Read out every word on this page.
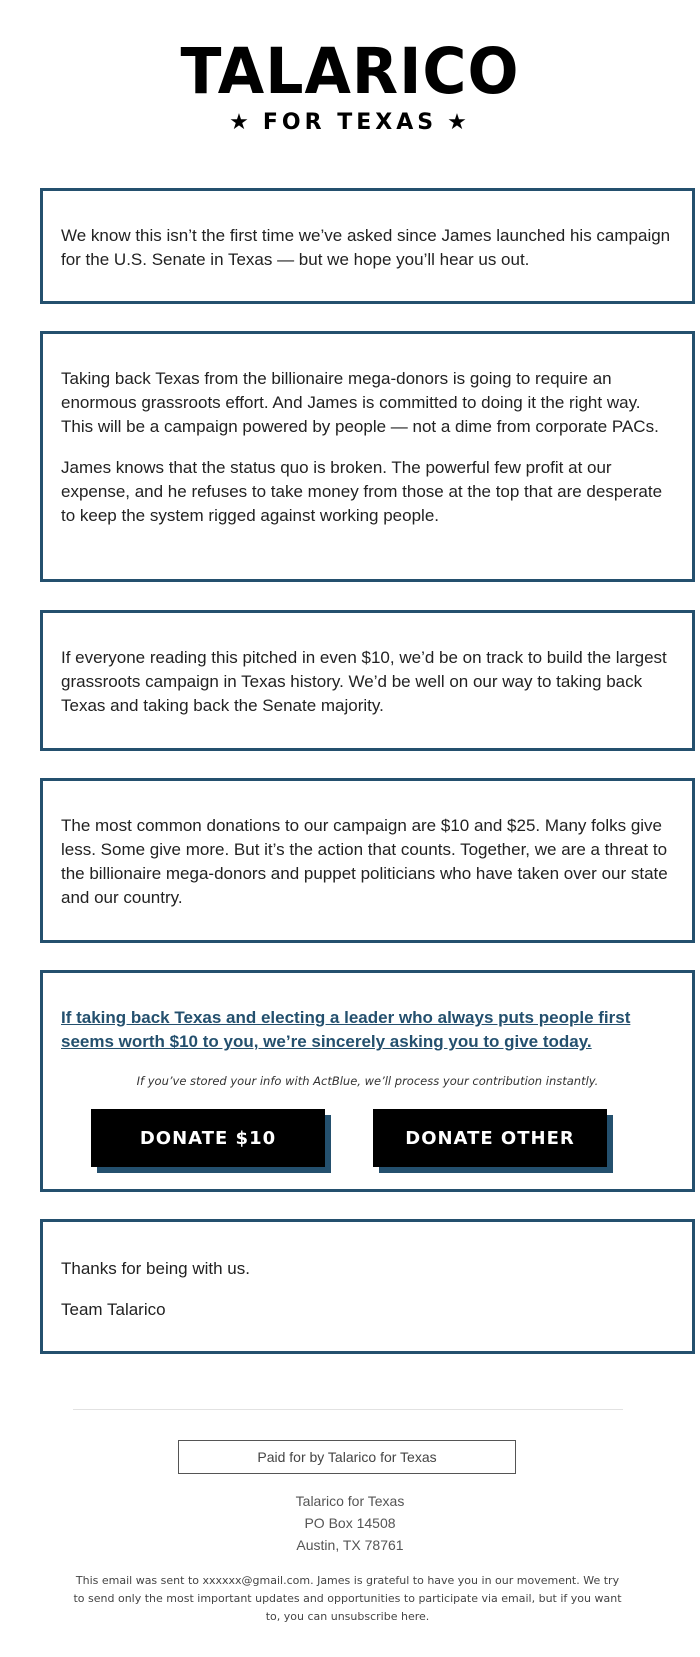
TALARICO
★ FOR TEXAS ★

We know this isn’t the first time we’ve asked since James launched his campaign for the U.S. Senate in Texas — but we hope you’ll hear us out.

Taking back Texas from the billionaire mega-donors is going to require an enormous grassroots effort. And James is committed to doing it the right way. This will be a campaign powered by people — not a dime from corporate PACs.

James knows that the status quo is broken. The powerful few profit at our expense, and he refuses to take money from those at the top that are desperate to keep the system rigged against working people.

If everyone reading this pitched in even $10, we’d be on track to build the largest grassroots campaign in Texas history. We’d be well on our way to taking back Texas and taking back the Senate majority.

The most common donations to our campaign are $10 and $25. Many folks give less. Some give more. But it’s the action that counts. Together, we are a threat to the billionaire mega-donors and puppet politicians who have taken over our state and our country.

If taking back Texas and electing a leader who always puts people first seems worth $10 to you, we’re sincerely asking you to give today.
If you’ve stored your info with ActBlue, we’ll process your contribution instantly.
DONATE $10	DONATE OTHER

Thanks for being with us.

Team Talarico

Paid for by Talarico for Texas
Talarico for Texas
PO Box 14508
Austin, TX 78761
This email was sent to xxxxxx@gmail.com. James is grateful to have you in our movement. We try to send only the most important updates and opportunities to participate via email, but if you want to, you can unsubscribe here.
